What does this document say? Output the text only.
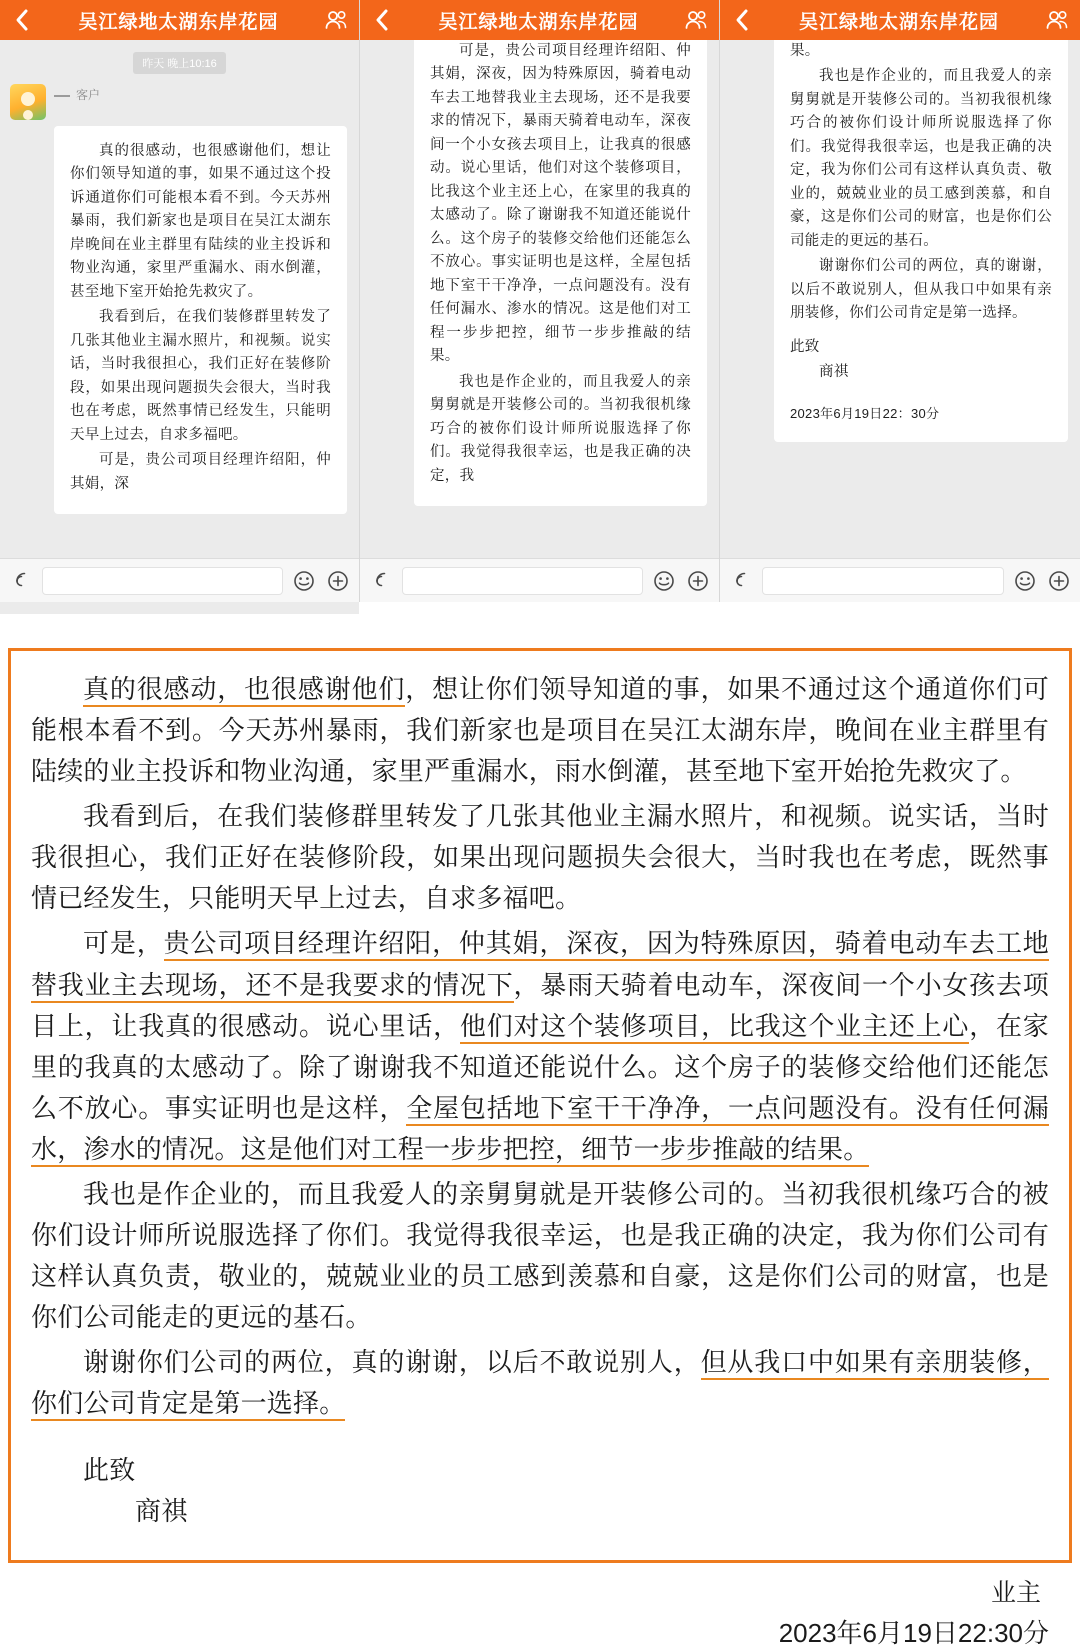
吴江绿地太湖东岸花园
昨天 晚上10:16
客户

真的很感动，也很感谢他们，想让你们领导知道的事，如果不通过这个投诉通道你们可能根本看不到。今天苏州暴雨，我们新家也是项目在吴江太湖东岸晚间在业主群里有陆续的业主投诉和物业沟通，家里严重漏水、雨水倒灌，甚至地下室开始抢先救灾了。

我看到后，在我们装修群里转发了几张其他业主漏水照片，和视频。说实话，当时我很担心，我们正好在装修阶段，如果出现问题损失会很大，当时我也在考虑，既然事情已经发生，只能明天早上过去，自求多福吧。

可是，贵公司项目经理许绍阳，仲其娟，深

吴江绿地太湖东岸花园

可是，贵公司项目经理许绍阳、仲其娟，深夜，因为特殊原因，骑着电动车去工地替我业主去现场，还不是我要求的情况下，暴雨天骑着电动车，深夜间一个小女孩去项目上，让我真的很感动。说心里话，他们对这个装修项目，比我这个业主还上心，在家里的我真的太感动了。除了谢谢我不知道还能说什么。这个房子的装修交给他们还能怎么不放心。事实证明也是这样，全屋包括地下室干干净净，一点问题没有。没有任何漏水、渗水的情况。这是他们对工程一步步把控，细节一步步推敲的结果。

我也是作企业的，而且我爱人的亲舅舅就是开装修公司的。当初我很机缘巧合的被你们设计师所说服选择了你们。我觉得我很幸运，也是我正确的决定，我

吴江绿地太湖东岸花园

果。

我也是作企业的，而且我爱人的亲舅舅就是开装修公司的。当初我很机缘巧合的被你们设计师所说服选择了你们。我觉得我很幸运，也是我正确的决定，我为你们公司有这样认真负责、敬业的，兢兢业业的员工感到羡慕，和自豪，这是你们公司的财富，也是你们公司能走的更远的基石。

谢谢你们公司的两位，真的谢谢，以后不敢说别人，但从我口中如果有亲朋装修，你们公司肯定是第一选择。

此致

商祺

2023年6月19日22：30分

真的很感动，也很感谢他们，想让你们领导知道的事，如果不通过这个通道你们可能根本看不到。今天苏州暴雨，我们新家也是项目在吴江太湖东岸，晚间在业主群里有陆续的业主投诉和物业沟通，家里严重漏水，雨水倒灌，甚至地下室开始抢先救灾了。

我看到后，在我们装修群里转发了几张其他业主漏水照片，和视频。说实话，当时我很担心，我们正好在装修阶段，如果出现问题损失会很大，当时我也在考虑，既然事情已经发生，只能明天早上过去，自求多福吧。

可是，贵公司项目经理许绍阳，仲其娟，深夜，因为特殊原因，骑着电动车去工地替我业主去现场，还不是我要求的情况下，暴雨天骑着电动车，深夜间一个小女孩去项目上，让我真的很感动。说心里话，他们对这个装修项目，比我这个业主还上心，在家里的我真的太感动了。除了谢谢我不知道还能说什么。这个房子的装修交给他们还能怎么不放心。事实证明也是这样，全屋包括地下室干干净净，一点问题没有。没有任何漏水，渗水的情况。这是他们对工程一步步把控，细节一步步推敲的结果。

我也是作企业的，而且我爱人的亲舅舅就是开装修公司的。当初我很机缘巧合的被你们设计师所说服选择了你们。我觉得我很幸运，也是我正确的决定，我为你们公司有这样认真负责，敬业的，兢兢业业的员工感到羡慕和自豪，这是你们公司的财富，也是你们公司能走的更远的基石。

谢谢你们公司的两位，真的谢谢，以后不敢说别人，但从我口中如果有亲朋装修，你们公司肯定是第一选择。

此致

商祺

业主
2023年6月19日22:30分
